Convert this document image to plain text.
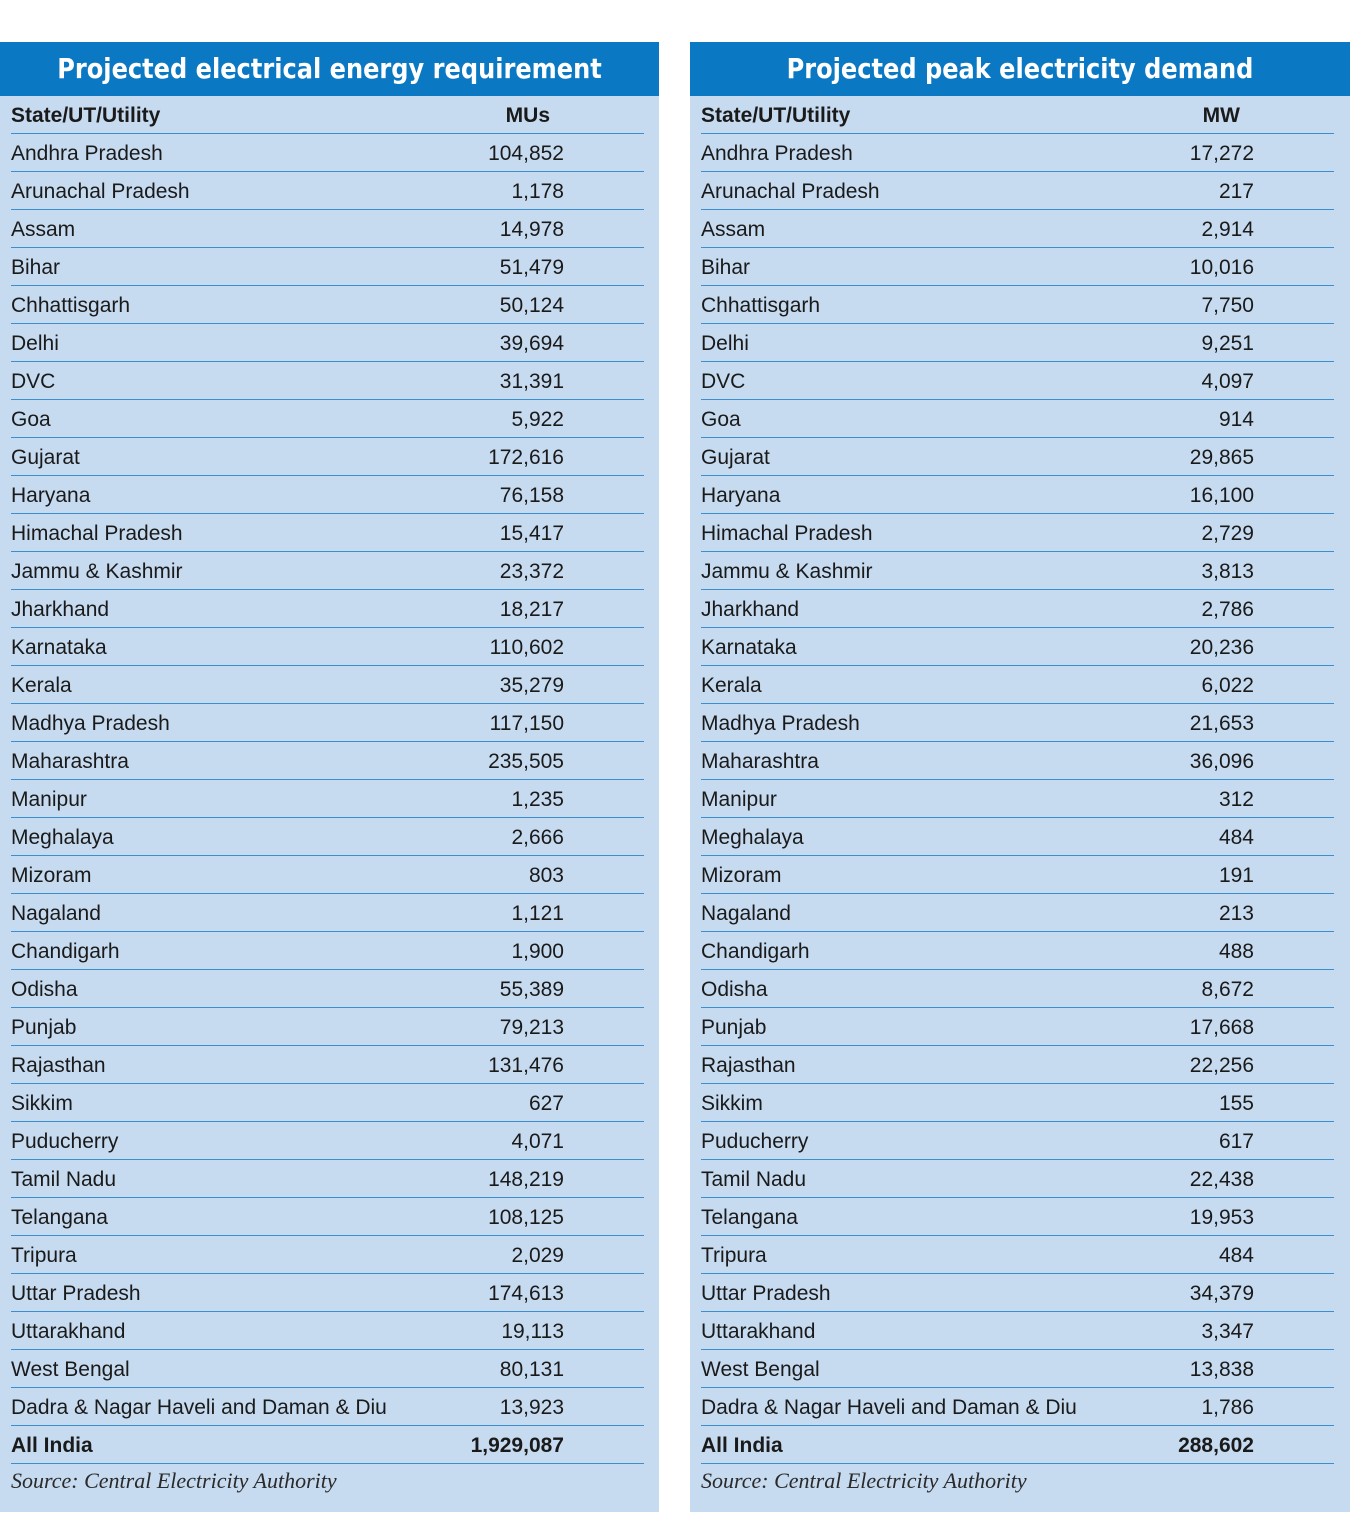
Projected electrical energy requirement
State/UT/Utility	MUs
Andhra Pradesh	104,852
Arunachal Pradesh	1,178
Assam	14,978
Bihar	51,479
Chhattisgarh	50,124
Delhi	39,694
DVC	31,391
Goa	5,922
Gujarat	172,616
Haryana	76,158
Himachal Pradesh	15,417
Jammu & Kashmir	23,372
Jharkhand	18,217
Karnataka	110,602
Kerala	35,279
Madhya Pradesh	117,150
Maharashtra	235,505
Manipur	1,235
Meghalaya	2,666
Mizoram	803
Nagaland	1,121
Chandigarh	1,900
Odisha	55,389
Punjab	79,213
Rajasthan	131,476
Sikkim	627
Puducherry	4,071
Tamil Nadu	148,219
Telangana	108,125
Tripura	2,029
Uttar Pradesh	174,613
Uttarakhand	19,113
West Bengal	80,131
Dadra & Nagar Haveli and Daman & Diu	13,923
All India	1,929,087
Source: Central Electricity Authority
Projected peak electricity demand
State/UT/Utility	MW
Andhra Pradesh	17,272
Arunachal Pradesh	217
Assam	2,914
Bihar	10,016
Chhattisgarh	7,750
Delhi	9,251
DVC	4,097
Goa	914
Gujarat	29,865
Haryana	16,100
Himachal Pradesh	2,729
Jammu & Kashmir	3,813
Jharkhand	2,786
Karnataka	20,236
Kerala	6,022
Madhya Pradesh	21,653
Maharashtra	36,096
Manipur	312
Meghalaya	484
Mizoram	191
Nagaland	213
Chandigarh	488
Odisha	8,672
Punjab	17,668
Rajasthan	22,256
Sikkim	155
Puducherry	617
Tamil Nadu	22,438
Telangana	19,953
Tripura	484
Uttar Pradesh	34,379
Uttarakhand	3,347
West Bengal	13,838
Dadra & Nagar Haveli and Daman & Diu	1,786
All India	288,602
Source: Central Electricity Authority
